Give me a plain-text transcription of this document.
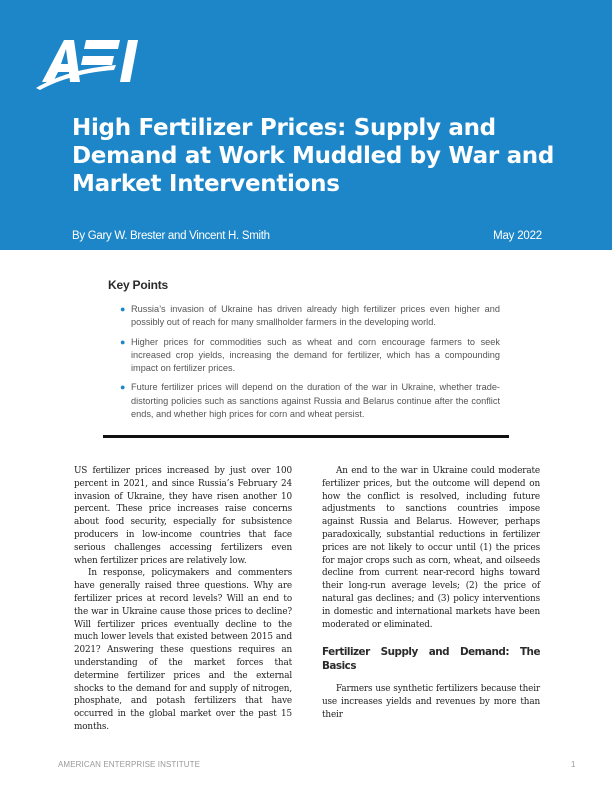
High Fertilizer Prices: Supply and Demand at Work Muddled by War and Market Interventions
By Gary W. Brester and Vincent H. Smith	May 2022
Key Points
● Russia’s invasion of Ukraine has driven already high fertilizer prices even higher and possibly out of reach for many smallholder farmers in the developing world.
● Higher prices for commodities such as wheat and corn encourage farmers to seek increased crop yields, increasing the demand for fertilizer, which has a compounding impact on fertilizer prices.
● Future fertilizer prices will depend on the duration of the war in Ukraine, whether trade-distorting policies such as sanctions against Russia and Belarus continue after the conflict ends, and whether high prices for corn and wheat persist.

US fertilizer prices increased by just over 100 percent in 2021, and since Russia’s February 24 invasion of Ukraine, they have risen another 10 percent. These price increases raise concerns about food security, especially for subsistence producers in low-income countries that face serious challenges accessing fertilizers even when fertilizer prices are relatively low.

In response, policymakers and commenters have generally raised three questions. Why are fertilizer prices at record levels? Will an end to the war in Ukraine cause those prices to decline? Will fertilizer prices eventually decline to the much lower levels that existed between 2015 and 2021? Answering these questions requires an understanding of the market forces that determine fertilizer prices and the external shocks to the demand for and supply of nitrogen, phosphate, and potash fertilizers that have occurred in the global market over the past 15 months.

An end to the war in Ukraine could moderate fertilizer prices, but the outcome will depend on how the conflict is resolved, including future adjustments to sanctions countries impose against Russia and Belarus. However, perhaps paradoxically, substantial reductions in fertilizer prices are not likely to occur until (1) the prices for major crops such as corn, wheat, and oilseeds decline from current near-record highs toward their long-run average levels; (2) the price of natural gas declines; and (3) policy interventions in domestic and international markets have been moderated or eliminated.

Fertilizer Supply and Demand: The Basics

Farmers use synthetic fertilizers because their use increases yields and revenues by more than their

AMERICAN ENTERPRISE INSTITUTE	1
